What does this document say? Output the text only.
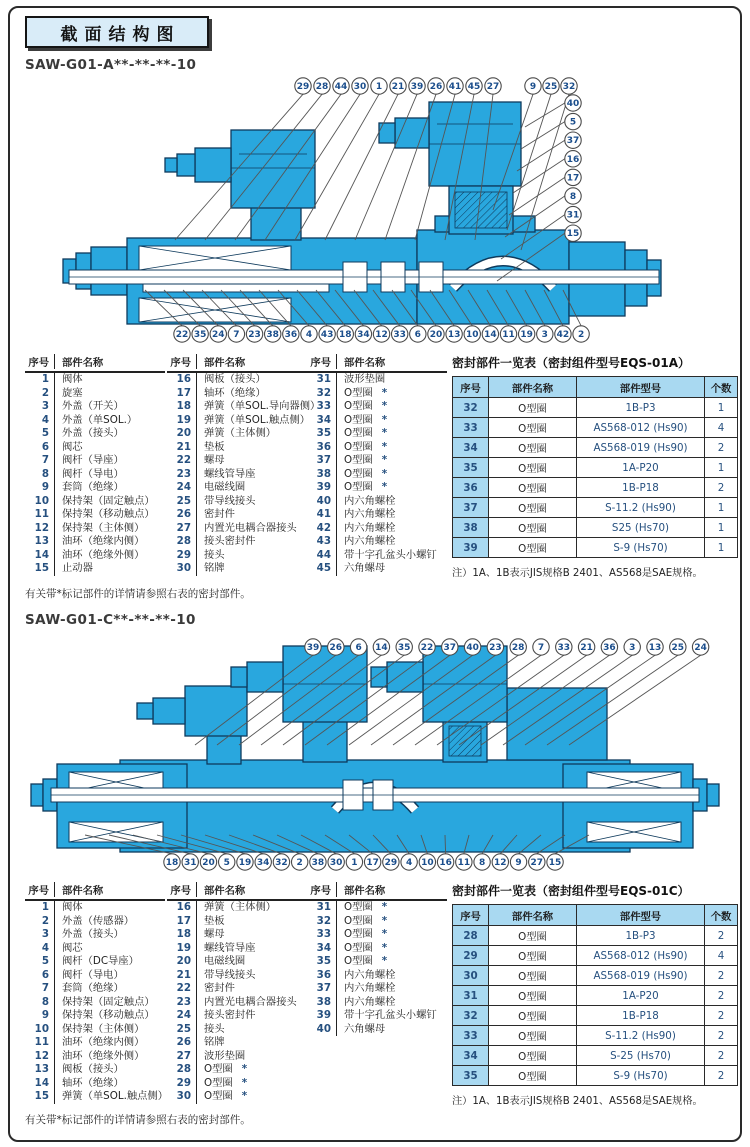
截面结构图
SAW-G01-A**-**-**-10
SAW-G01-C**-**-**-10
29 28 44 30 1 21 39 26 41 45 27	9 25 32
40
5
37
16
17
8
31
15
22 35 24 7 23 38 36 4 43 18 34 12 33 6 20 13 10 14 11 19 3 42 2
39 26 6 14 35 22 37 40 23 28 7 33 21 36 3 13 25 24
18 31 20 5 19 34 32 2 38 30 1 17 29 4 10 16 11 8 12 9 27 15
序号	部件名称
1	阀体
2	旋塞
3	外盖（开关）
4	外盖（单SOL.）
5	外盖（接头）
6	阀芯
7	阀杆（导座）
8	阀杆（导电）
9	套筒（绝缘）
10	保持架（固定触点）
11	保持架（移动触点）
12	保持架（主体侧）
13	油环（绝缘内侧）
14	油环（绝缘外侧）
15	止动器
序号	部件名称
16	阀板（接头）
17	轴环（绝缘）
18	弹簧（单SOL.导向器侧）
19	弹簧（单SOL.触点侧）
20	弹簧（主体侧）
21	垫板
22	螺母
23	螺线管导座
24	电磁线圈
25	带导线接头
26	密封件
27	内置光电耦合器接头
28	接头密封件
29	接头
30	铭牌
序号	部件名称
31	波形垫圈
32	O型圈 *
33	O型圈 *
34	O型圈 *
35	O型圈 *
36	O型圈 *
37	O型圈 *
38	O型圈 *
39	O型圈 *
40	内六角螺栓
41	内六角螺栓
42	内六角螺栓
43	内六角螺栓
44	带十字孔盆头小螺钉
45	六角螺母
序号	部件名称
1	阀体
2	外盖（传感器）
3	外盖（接头）
4	阀芯
5	阀杆（DC导座）
6	阀杆（导电）
7	套筒（绝缘）
8	保持架（固定触点）
9	保持架（移动触点）
10	保持架（主体侧）
11	油环（绝缘内侧）
12	油环（绝缘外侧）
13	阀板（接头）
14	轴环（绝缘）
15	弹簧（单SOL.触点侧）
序号	部件名称
16	弹簧（主体侧）
17	垫板
18	螺母
19	螺线管导座
20	电磁线圈
21	带导线接头
22	密封件
23	内置光电耦合器接头
24	接头密封件
25	接头
26	铭牌
27	波形垫圈
28	O型圈 *
29	O型圈 *
30	O型圈 *
序号	部件名称
31	O型圈 *
32	O型圈 *
33	O型圈 *
34	O型圈 *
35	O型圈 *
36	内六角螺栓
37	内六角螺栓
38	内六角螺栓
39	带十字孔盆头小螺钉
40	六角螺母
密封部件一览表（密封组件型号EQS-01A）
序号	部件名称	部件型号	个数
32	O型圈	1B-P3	1
33	O型圈	AS568-012 (Hs90)	4
34	O型圈	AS568-019 (Hs90)	2
35	O型圈	1A-P20	1
36	O型圈	1B-P18	2
37	O型圈	S-11.2 (Hs90)	1
38	O型圈	S25 (Hs70)	1
39	O型圈	S-9 (Hs70)	1
注）1A、1B表示JIS规格B 2401、AS568是SAE规格。
密封部件一览表（密封组件型号EQS-01C）
序号	部件名称	部件型号	个数
28	O型圈	1B-P3	2
29	O型圈	AS568-012 (Hs90)	4
30	O型圈	AS568-019 (Hs90)	2
31	O型圈	1A-P20	2
32	O型圈	1B-P18	2
33	O型圈	S-11.2 (Hs90)	2
34	O型圈	S-25 (Hs70)	2
35	O型圈	S-9 (Hs70)	2
注）1A、1B表示JIS规格B 2401、AS568是SAE规格。
有关带*标记部件的详情请参照右表的密封部件。
有关带*标记部件的详情请参照右表的密封部件。
